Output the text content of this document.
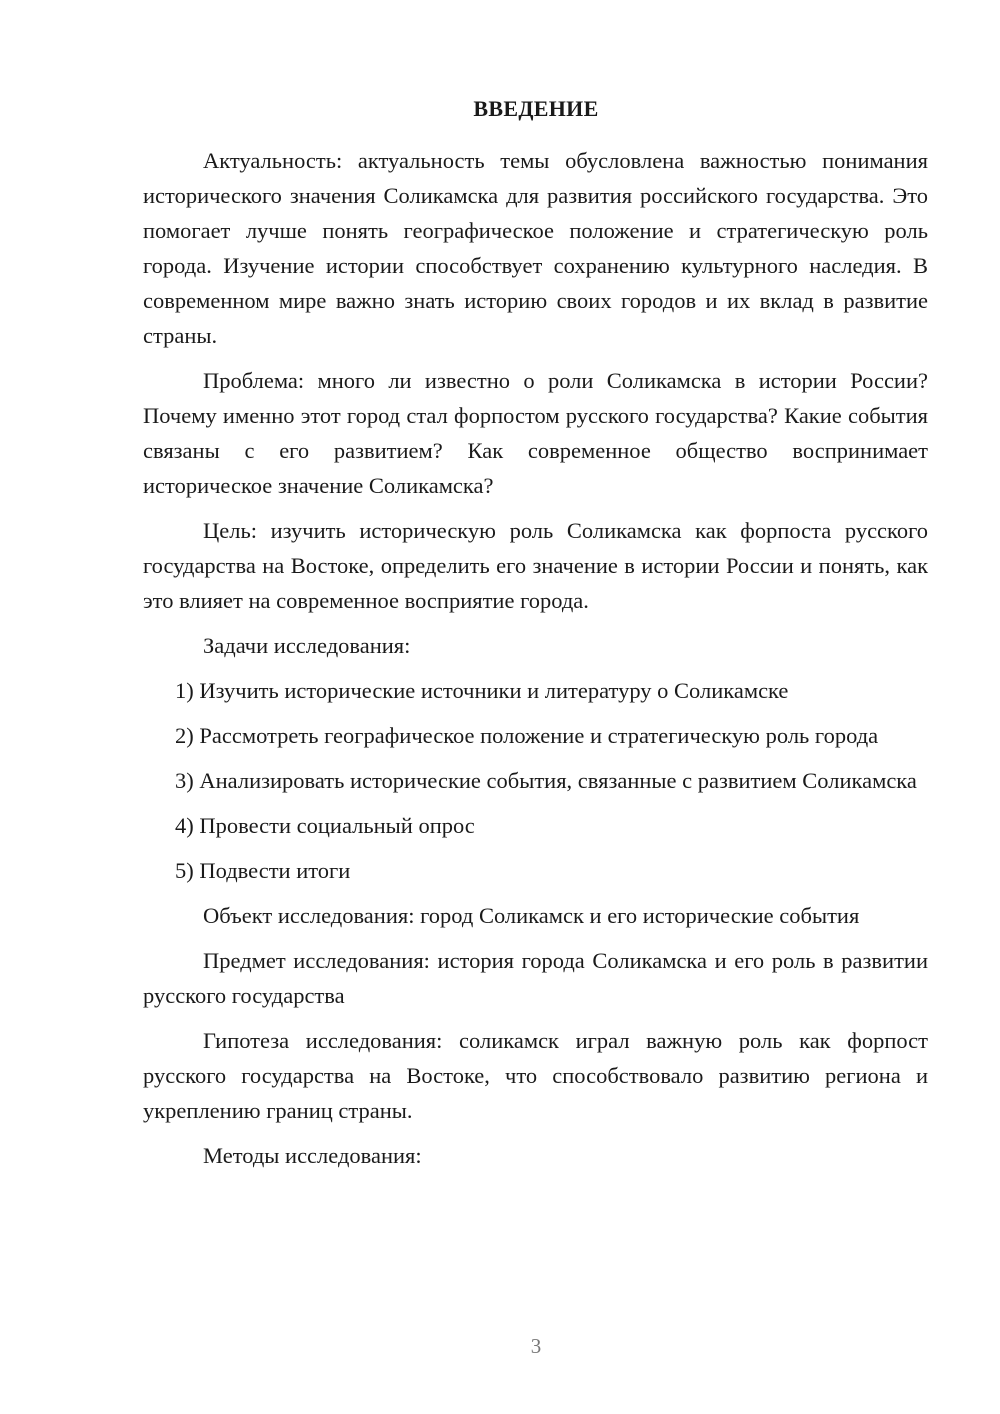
ВВЕДЕНИЕ

Актуальность: актуальность темы обусловлена важностью понимания исторического значения Соликамска для развития российского государства. Это помогает лучше понять географическое положение и стратегическую роль города. Изучение истории способствует сохранению культурного наследия. В современном мире важно знать историю своих городов и их вклад в развитие страны.

Проблема: много ли известно о роли Соликамска в истории России? Почему именно этот город стал форпостом русского государства? Какие события связаны с его развитием? Как современное общество воспринимает историческое значение Соликамска?

Цель: изучить историческую роль Соликамска как форпоста русского государства на Востоке, определить его значение в истории России и понять, как это влияет на современное восприятие города.

Задачи исследования:

1) Изучить исторические источники и литературу о Соликамске

2) Рассмотреть географическое положение и стратегическую роль города

3) Анализировать исторические события, связанные с развитием Соликамска

4) Провести социальный опрос

5) Подвести итоги

Объект исследования: город Соликамск и его исторические события

Предмет исследования: история города Соликамска и его роль в развитии русского государства

Гипотеза исследования: соликамск играл важную роль как форпост русского государства на Востоке, что способствовало развитию региона и укреплению границ страны.

Методы исследования:

3
